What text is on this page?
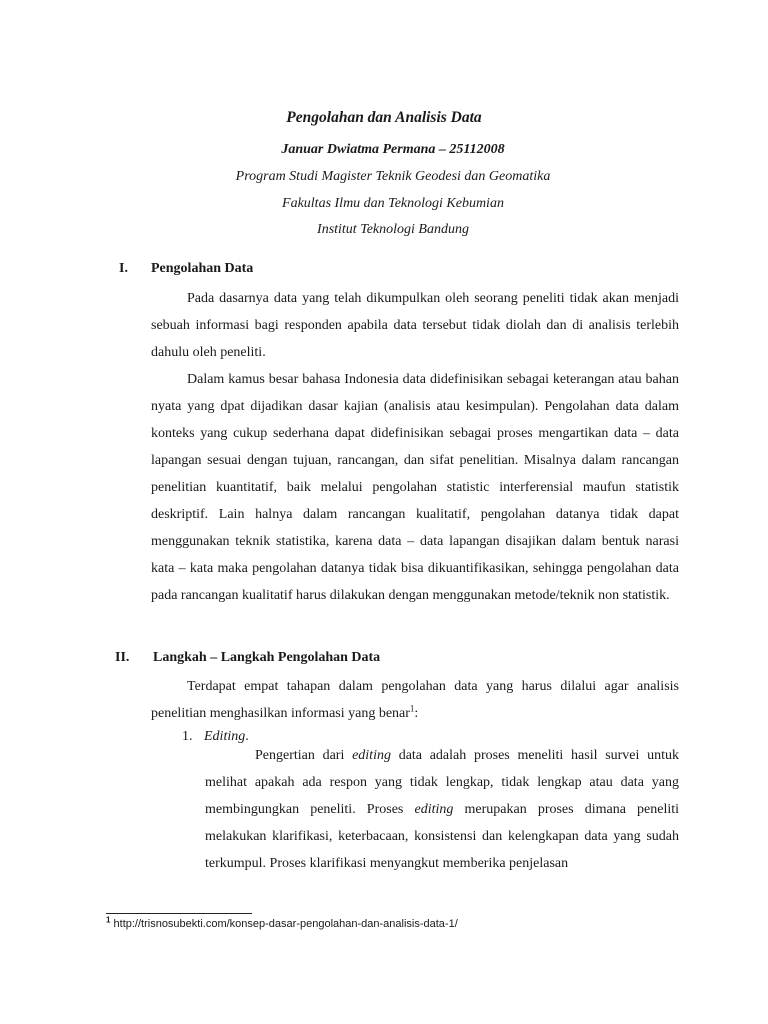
Pengolahan dan Analisis Data

Januar Dwiatma Permana – 25112008

Program Studi Magister Teknik Geodesi dan Geomatika

Fakultas Ilmu dan Teknologi Kebumian

Institut Teknologi Bandung

I. Pengolahan Data

Pada dasarnya data yang telah dikumpulkan oleh seorang peneliti tidak akan menjadi sebuah informasi bagi responden apabila data tersebut tidak diolah dan di analisis terlebih dahulu oleh peneliti.

Dalam kamus besar bahasa Indonesia data didefinisikan sebagai keterangan atau bahan nyata yang dpat dijadikan dasar kajian (analisis atau kesimpulan). Pengolahan data dalam konteks yang cukup sederhana dapat didefinisikan sebagai proses mengartikan data – data lapangan sesuai dengan tujuan, rancangan, dan sifat penelitian. Misalnya dalam rancangan penelitian kuantitatif, baik melalui pengolahan statistic interferensial maufun statistik deskriptif. Lain halnya dalam rancangan kualitatif, pengolahan datanya tidak dapat menggunakan teknik statistika, karena data – data lapangan disajikan dalam bentuk narasi kata – kata maka pengolahan datanya tidak bisa dikuantifikasikan, sehingga pengolahan data pada rancangan kualitatif harus dilakukan dengan menggunakan metode/teknik non statistik.

II. Langkah – Langkah Pengolahan Data

Terdapat empat tahapan dalam pengolahan data yang harus dilalui agar analisis penelitian menghasilkan informasi yang benar$^1$:

1. Editing.

Pengertian dari editing data adalah proses meneliti hasil survei untuk melihat apakah ada respon yang tidak lengkap, tidak lengkap atau data yang membingungkan peneliti. Proses editing merupakan proses dimana peneliti melakukan klarifikasi, keterbacaan, konsistensi dan kelengkapan data yang sudah terkumpul. Proses klarifikasi menyangkut memberika penjelasan

$^1$ http://trisnosubekti.com/konsep-dasar-pengolahan-dan-analisis-data-1/
